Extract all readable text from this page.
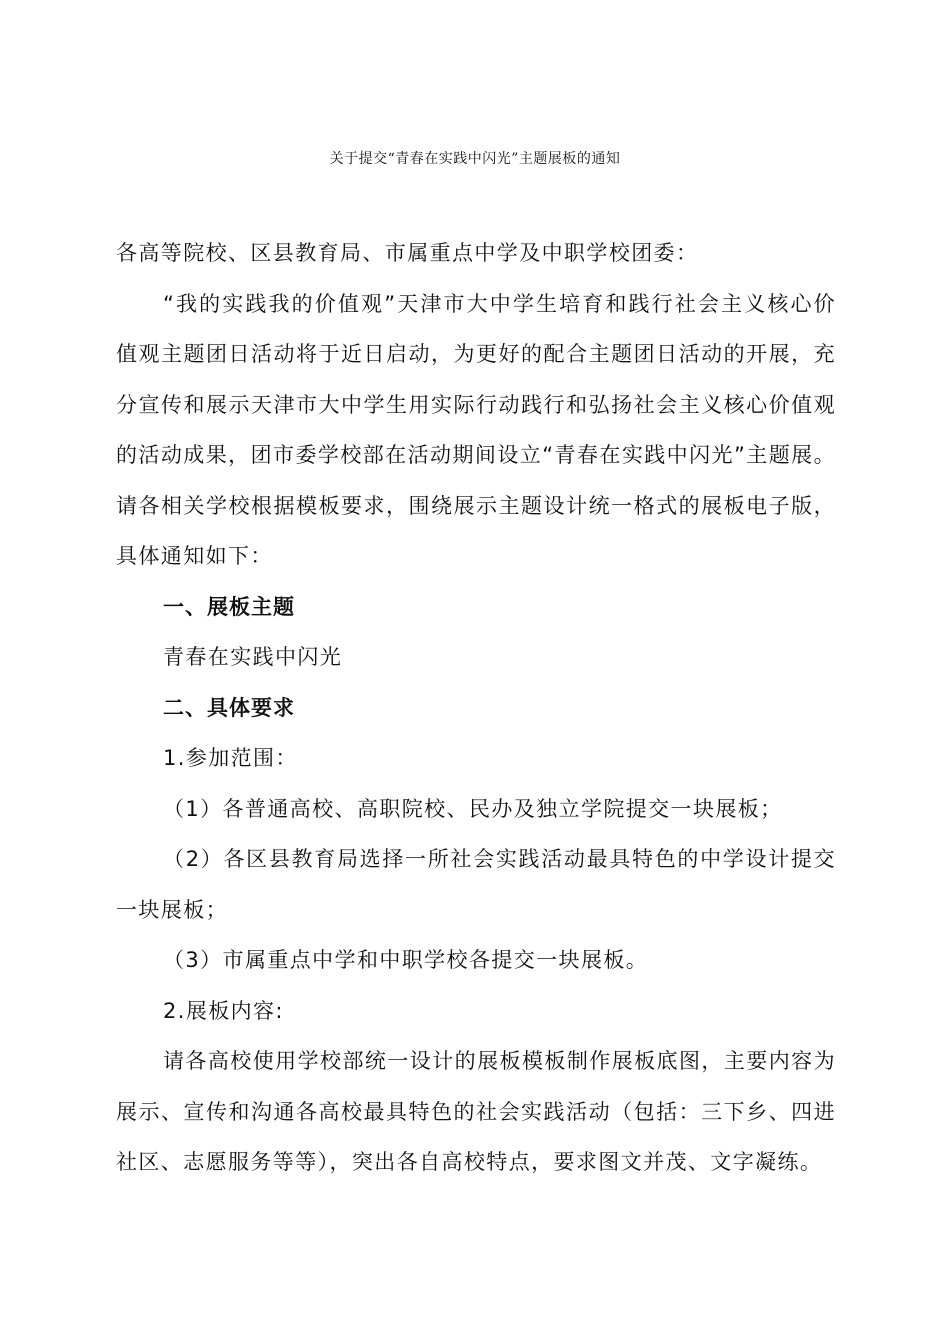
关于提交“青春在实践中闪光”主题展板的通知

各高等院校、区县教育局、市属重点中学及中职学校团委：

“我的实践我的价值观”天津市大中学生培育和践行社会主义核心价值观主题团日活动将于近日启动，为更好的配合主题团日活动的开展，充分宣传和展示天津市大中学生用实际行动践行和弘扬社会主义核心价值观的活动成果，团市委学校部在活动期间设立“青春在实践中闪光”主题展。请各相关学校根据模板要求，围绕展示主题设计统一格式的展板电子版，具体通知如下：

一、展板主题

青春在实践中闪光

二、具体要求

1.参加范围：

（1）各普通高校、高职院校、民办及独立学院提交一块展板；

（2）各区县教育局选择一所社会实践活动最具特色的中学设计提交一块展板；

（3）市属重点中学和中职学校各提交一块展板。

2.展板内容:

请各高校使用学校部统一设计的展板模板制作展板底图，主要内容为展示、宣传和沟通各高校最具特色的社会实践活动（包括：三下乡、四进社区、志愿服务等等），突出各自高校特点，要求图文并茂、文字凝练。
